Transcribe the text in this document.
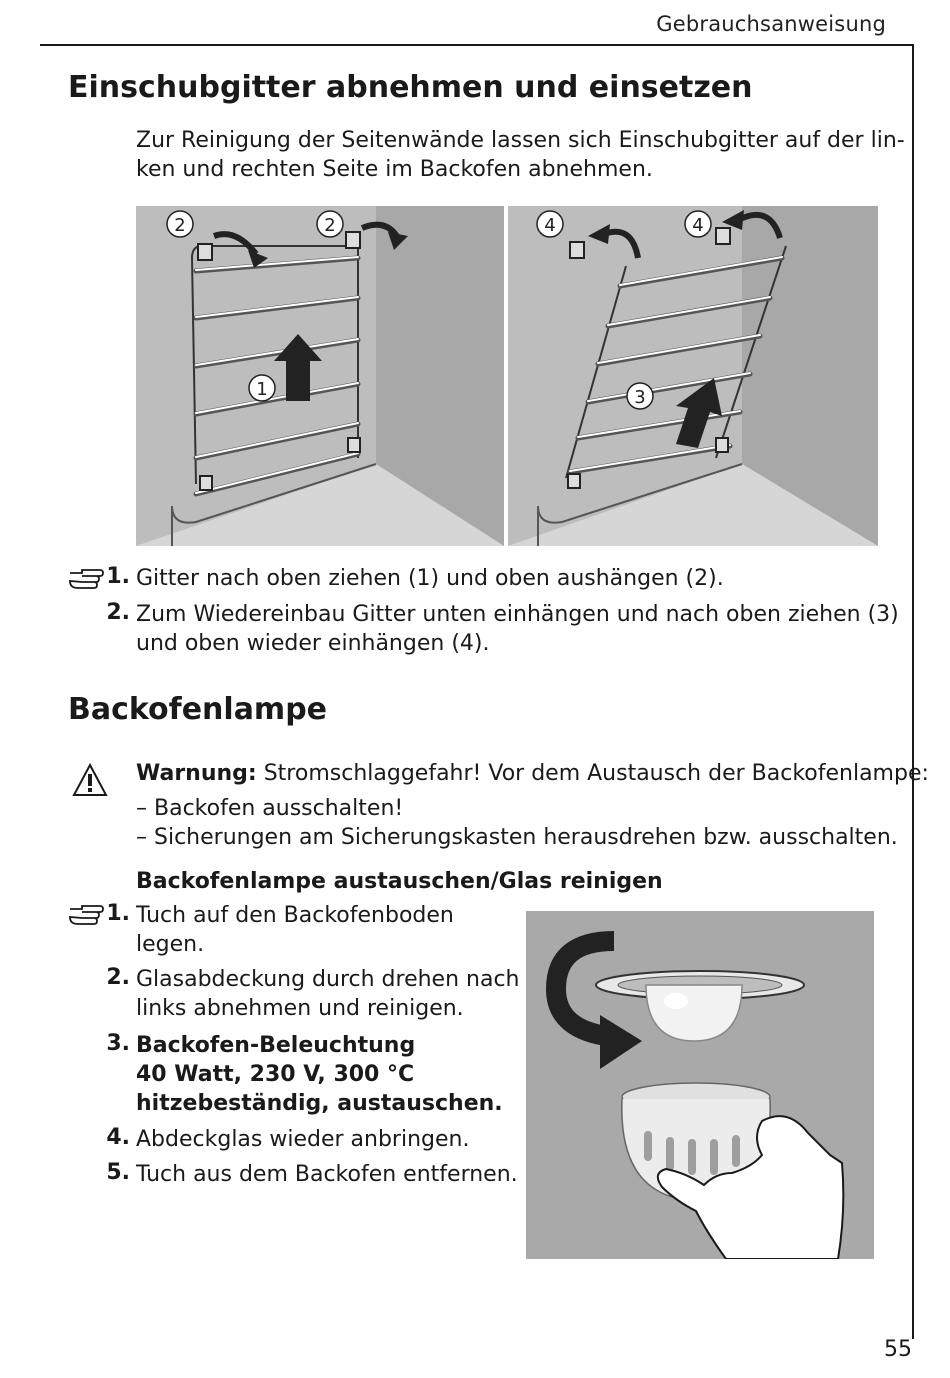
Gebrauchsanweisung
Einschubgitter abnehmen und einsetzen
Zur Reinigung der Seitenwände lassen sich Einschubgitter auf der lin-
ken und rechten Seite im Backofen abnehmen.
2	2
1
4	4
3
1. Gitter nach oben ziehen (1) und oben aushängen (2).
2. Zum Wiedereinbau Gitter unten einhängen und nach oben ziehen (3)
und oben wieder einhängen (4).
Backofenlampe
Warnung: Stromschlaggefahr! Vor dem Austausch der Backofenlampe:
– Backofen ausschalten!
– Sicherungen am Sicherungskasten herausdrehen bzw. ausschalten.
Backofenlampe austauschen/Glas reinigen
1. Tuch auf den Backofenboden
legen.
2. Glasabdeckung durch drehen nach
links abnehmen und reinigen.
3. Backofen-Beleuchtung
40 Watt, 230 V, 300 °C
hitzebeständig, austauschen.
4. Abdeckglas wieder anbringen.
5. Tuch aus dem Backofen entfernen.
55
